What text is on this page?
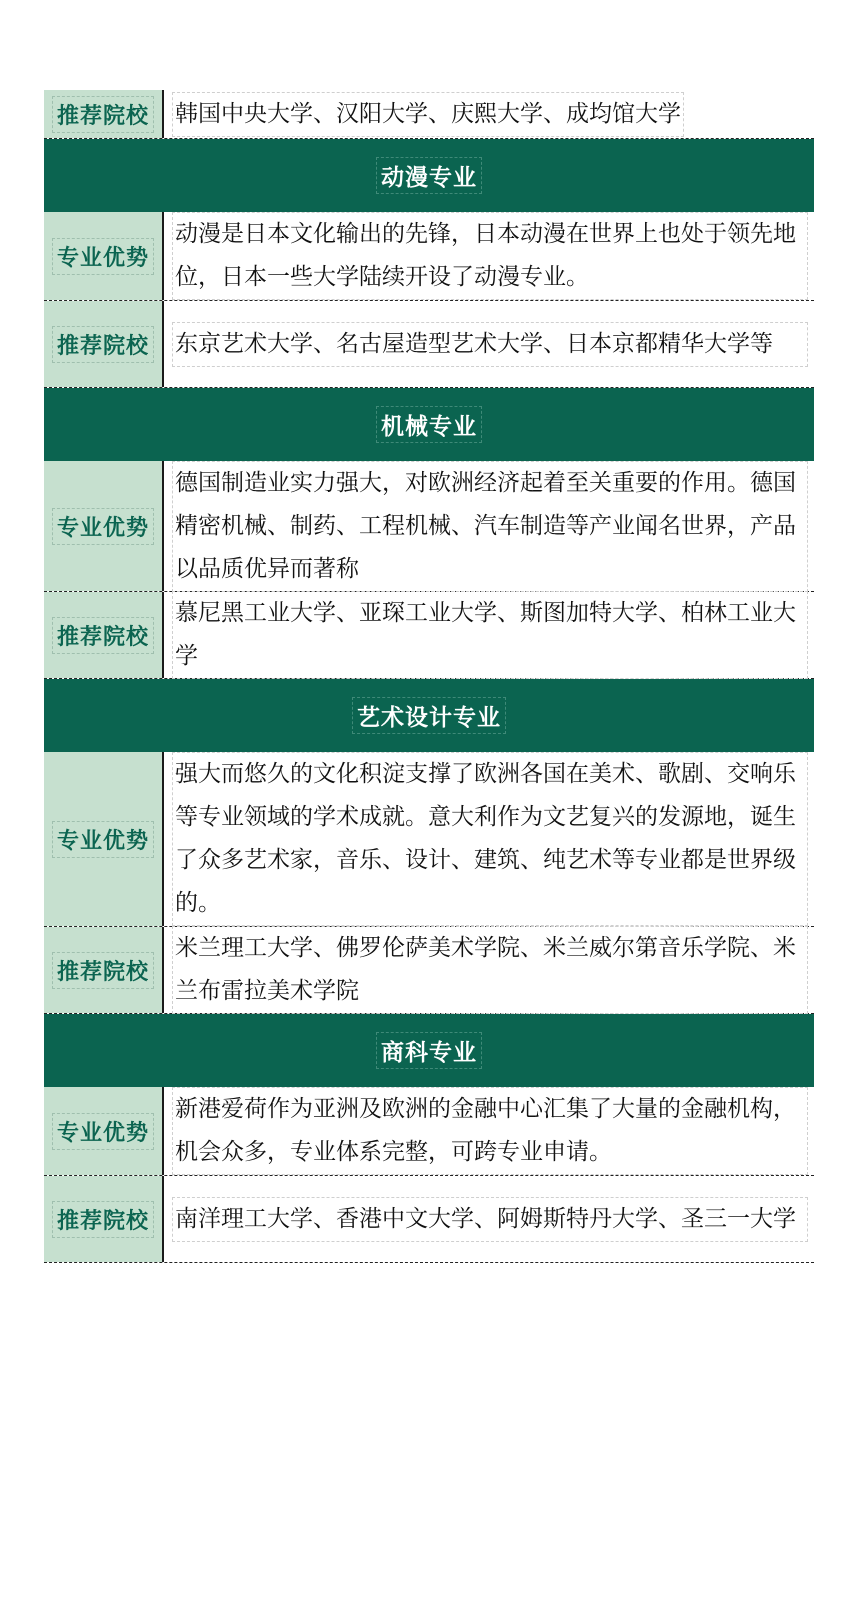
推荐院校 韩国中央大学、汉阳大学、庆熙大学、成均馆大学
动漫专业
专业优势
动漫是日本文化输出的先锋，日本动漫在世界上也处于领先地位，日本一些大学陆续开设了动漫专业。
推荐院校 东京艺术大学、名古屋造型艺术大学、日本京都精华大学等
机械专业
专业优势
德国制造业实力强大，对欧洲经济起着至关重要的作用。德国精密机械、制药、工程机械、汽车制造等产业闻名世界，产品以品质优异而著称
推荐院校
慕尼黑工业大学、亚琛工业大学、斯图加特大学、柏林工业大学
艺术设计专业
专业优势
强大而悠久的文化积淀支撑了欧洲各国在美术、歌剧、交响乐等专业领域的学术成就。意大利作为文艺复兴的发源地，诞生了众多艺术家，音乐、设计、建筑、纯艺术等专业都是世界级的。
推荐院校
米兰理工大学、佛罗伦萨美术学院、米兰威尔第音乐学院、米兰布雷拉美术学院
商科专业
专业优势
新港爱荷作为亚洲及欧洲的金融中心汇集了大量的金融机构，机会众多，专业体系完整，可跨专业申请。
推荐院校 南洋理工大学、香港中文大学、阿姆斯特丹大学、圣三一大学
